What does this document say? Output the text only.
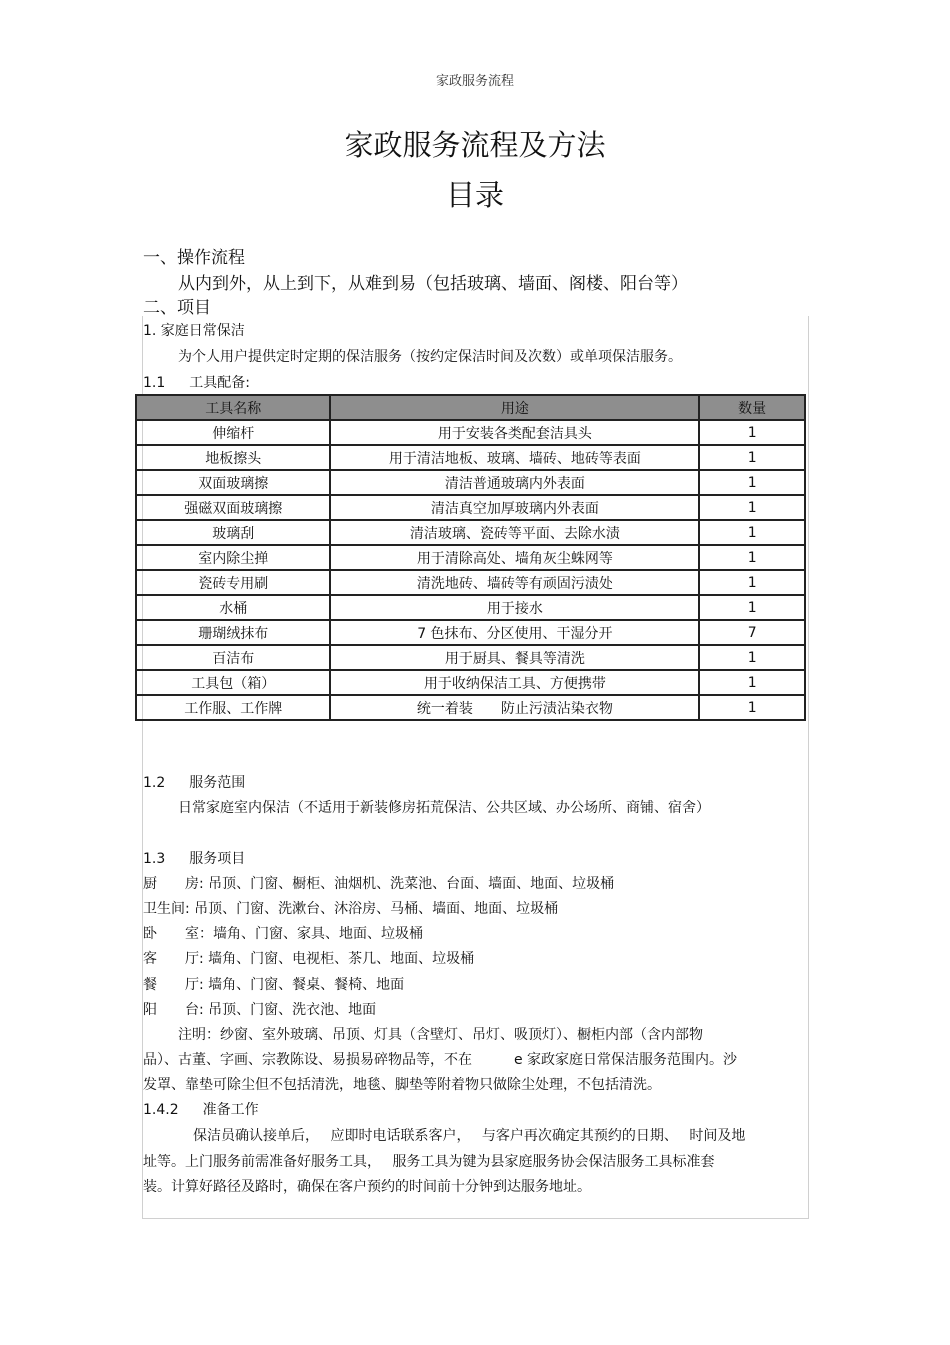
家政服务流程
家政服务流程及方法
目录
一、操作流程
从内到外，从上到下，从难到易（包括玻璃、墙面、阁楼、阳台等）
二、项目
1. 家庭日常保洁
为个人用户提供定时定期的保洁服务（按约定保洁时间及次数）或单项保洁服务。
1.1 工具配备:
工具名称	用途	数量
伸缩杆	用于安装各类配套洁具头	1
地板擦头	用于清洁地板、玻璃、墙砖、地砖等表面	1
双面玻璃擦	清洁普通玻璃内外表面	1
强磁双面玻璃擦	清洁真空加厚玻璃内外表面	1
玻璃刮	清洁玻璃、瓷砖等平面、去除水渍	1
室内除尘掸	用于清除高处、墙角灰尘蛛网等	1
瓷砖专用刷	清洗地砖、墙砖等有顽固污渍处	1
水桶	用于接水	1
珊瑚绒抹布	7 色抹布、分区使用、干湿分开	7
百洁布	用于厨具、餐具等清洗	1
工具包（箱）	用于收纳保洁工具、方便携带	1
工作服、工作牌	统一着装　　防止污渍沾染衣物	1
1.2 服务范围
日常家庭室内保洁（不适用于新装修房拓荒保洁、公共区域、办公场所、商铺、宿舍）
1.3 服务项目
厨　　房: 吊顶、门窗、橱柜、油烟机、洗菜池、台面、墙面、地面、垃圾桶
卫生间: 吊顶、门窗、洗漱台、沐浴房、马桶、墙面、地面、垃圾桶
卧　　室：墙角、门窗、家具、地面、垃圾桶
客　　厅: 墙角、门窗、电视柜、茶几、地面、垃圾桶
餐　　厅: 墙角、门窗、餐桌、餐椅、地面
阳　　台: 吊顶、门窗、洗衣池、地面
注明：纱窗、室外玻璃、吊顶、灯具（含壁灯、吊灯、吸顶灯）、橱柜内部（含内部物
品）、古董、字画、宗教陈设、易损易碎物品等，不在　　　e 家政家庭日常保洁服务范围内。沙
发罩、靠垫可除尘但不包括清洗，地毯、脚垫等附着物只做除尘处理，不包括清洗。
1.4.2 准备工作
保洁员确认接单后，　 应即时电话联系客户，　 与客户再次确定其预约的日期、　 时间及地
址等。上门服务前需准备好服务工具，　 服务工具为键为县家庭服务协会保洁服务工具标准套
装。计算好路径及路时，确保在客户预约的时间前十分钟到达服务地址。
